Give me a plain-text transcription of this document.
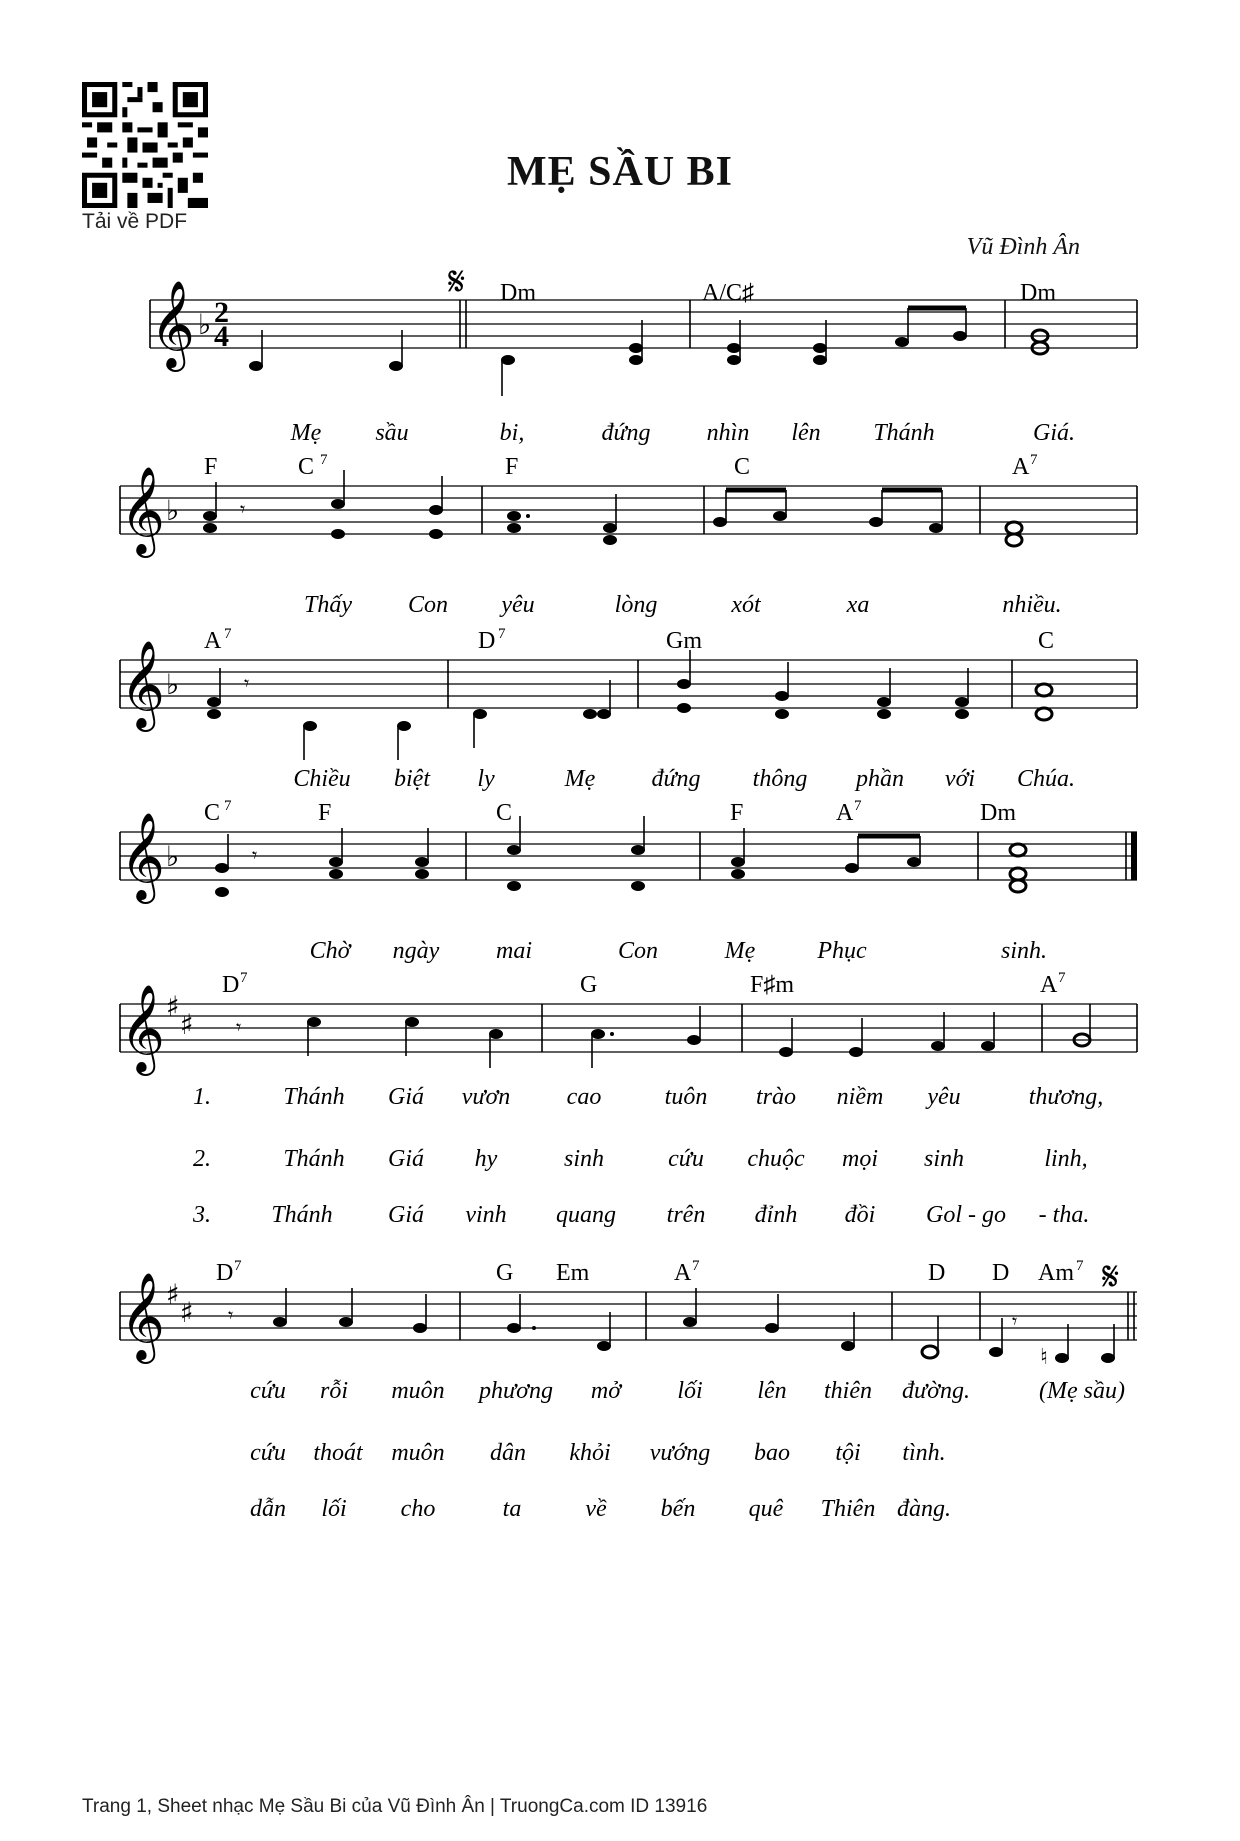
Tải về PDF
MẸ SẦU BI
Vũ Đình Ân
𝄞 ♭ 2
4
𝄋 Dm	A/C♯	Dm
Mẹ sầu	bi,	đứng nhìn lên Thánh	Giá.
𝄞 ♭	𝄾
F	C 7	F	C	A 7
Thấy Con yêu	lòng	xót	xa	nhiều.
𝄞 ♭	𝄾
A 7	D 7	Gm	C
Chiều biệt ly	Mẹ đứng thông phần với Chúa.
𝄞 ♭	𝄾
C 7	F	C	F	A 7	Dm
Chờ ngày mai	Con	Mẹ	Phục	sinh.
𝄞 ♯
♯ 𝄾
D 7	G	F♯m	A 7
1.	Thánh Giá vươn cao	tuôn trào niềm yêu	thương,
2.	Thánh Giá hy	sinh	cứu chuộc mọi sinh	linh,
3.	Thánh Giá vinh quang trên đỉnh đồi Gol - go - tha.
𝄞 ♯
♯
𝄋
𝄾	𝄾
♮
D 7	G Em	A 7	D D Am 7
cứu rỗi muôn phương mở lối lên thiên đường.	(Mẹ sầu)
cứu thoát muôn dân khỏi vướng bao tội tình.
dẫn lối cho	ta	về bến quê Thiên đàng.
Trang 1, Sheet nhạc Mẹ Sầu Bi của Vũ Đình Ân | TruongCa.com ID 13916
